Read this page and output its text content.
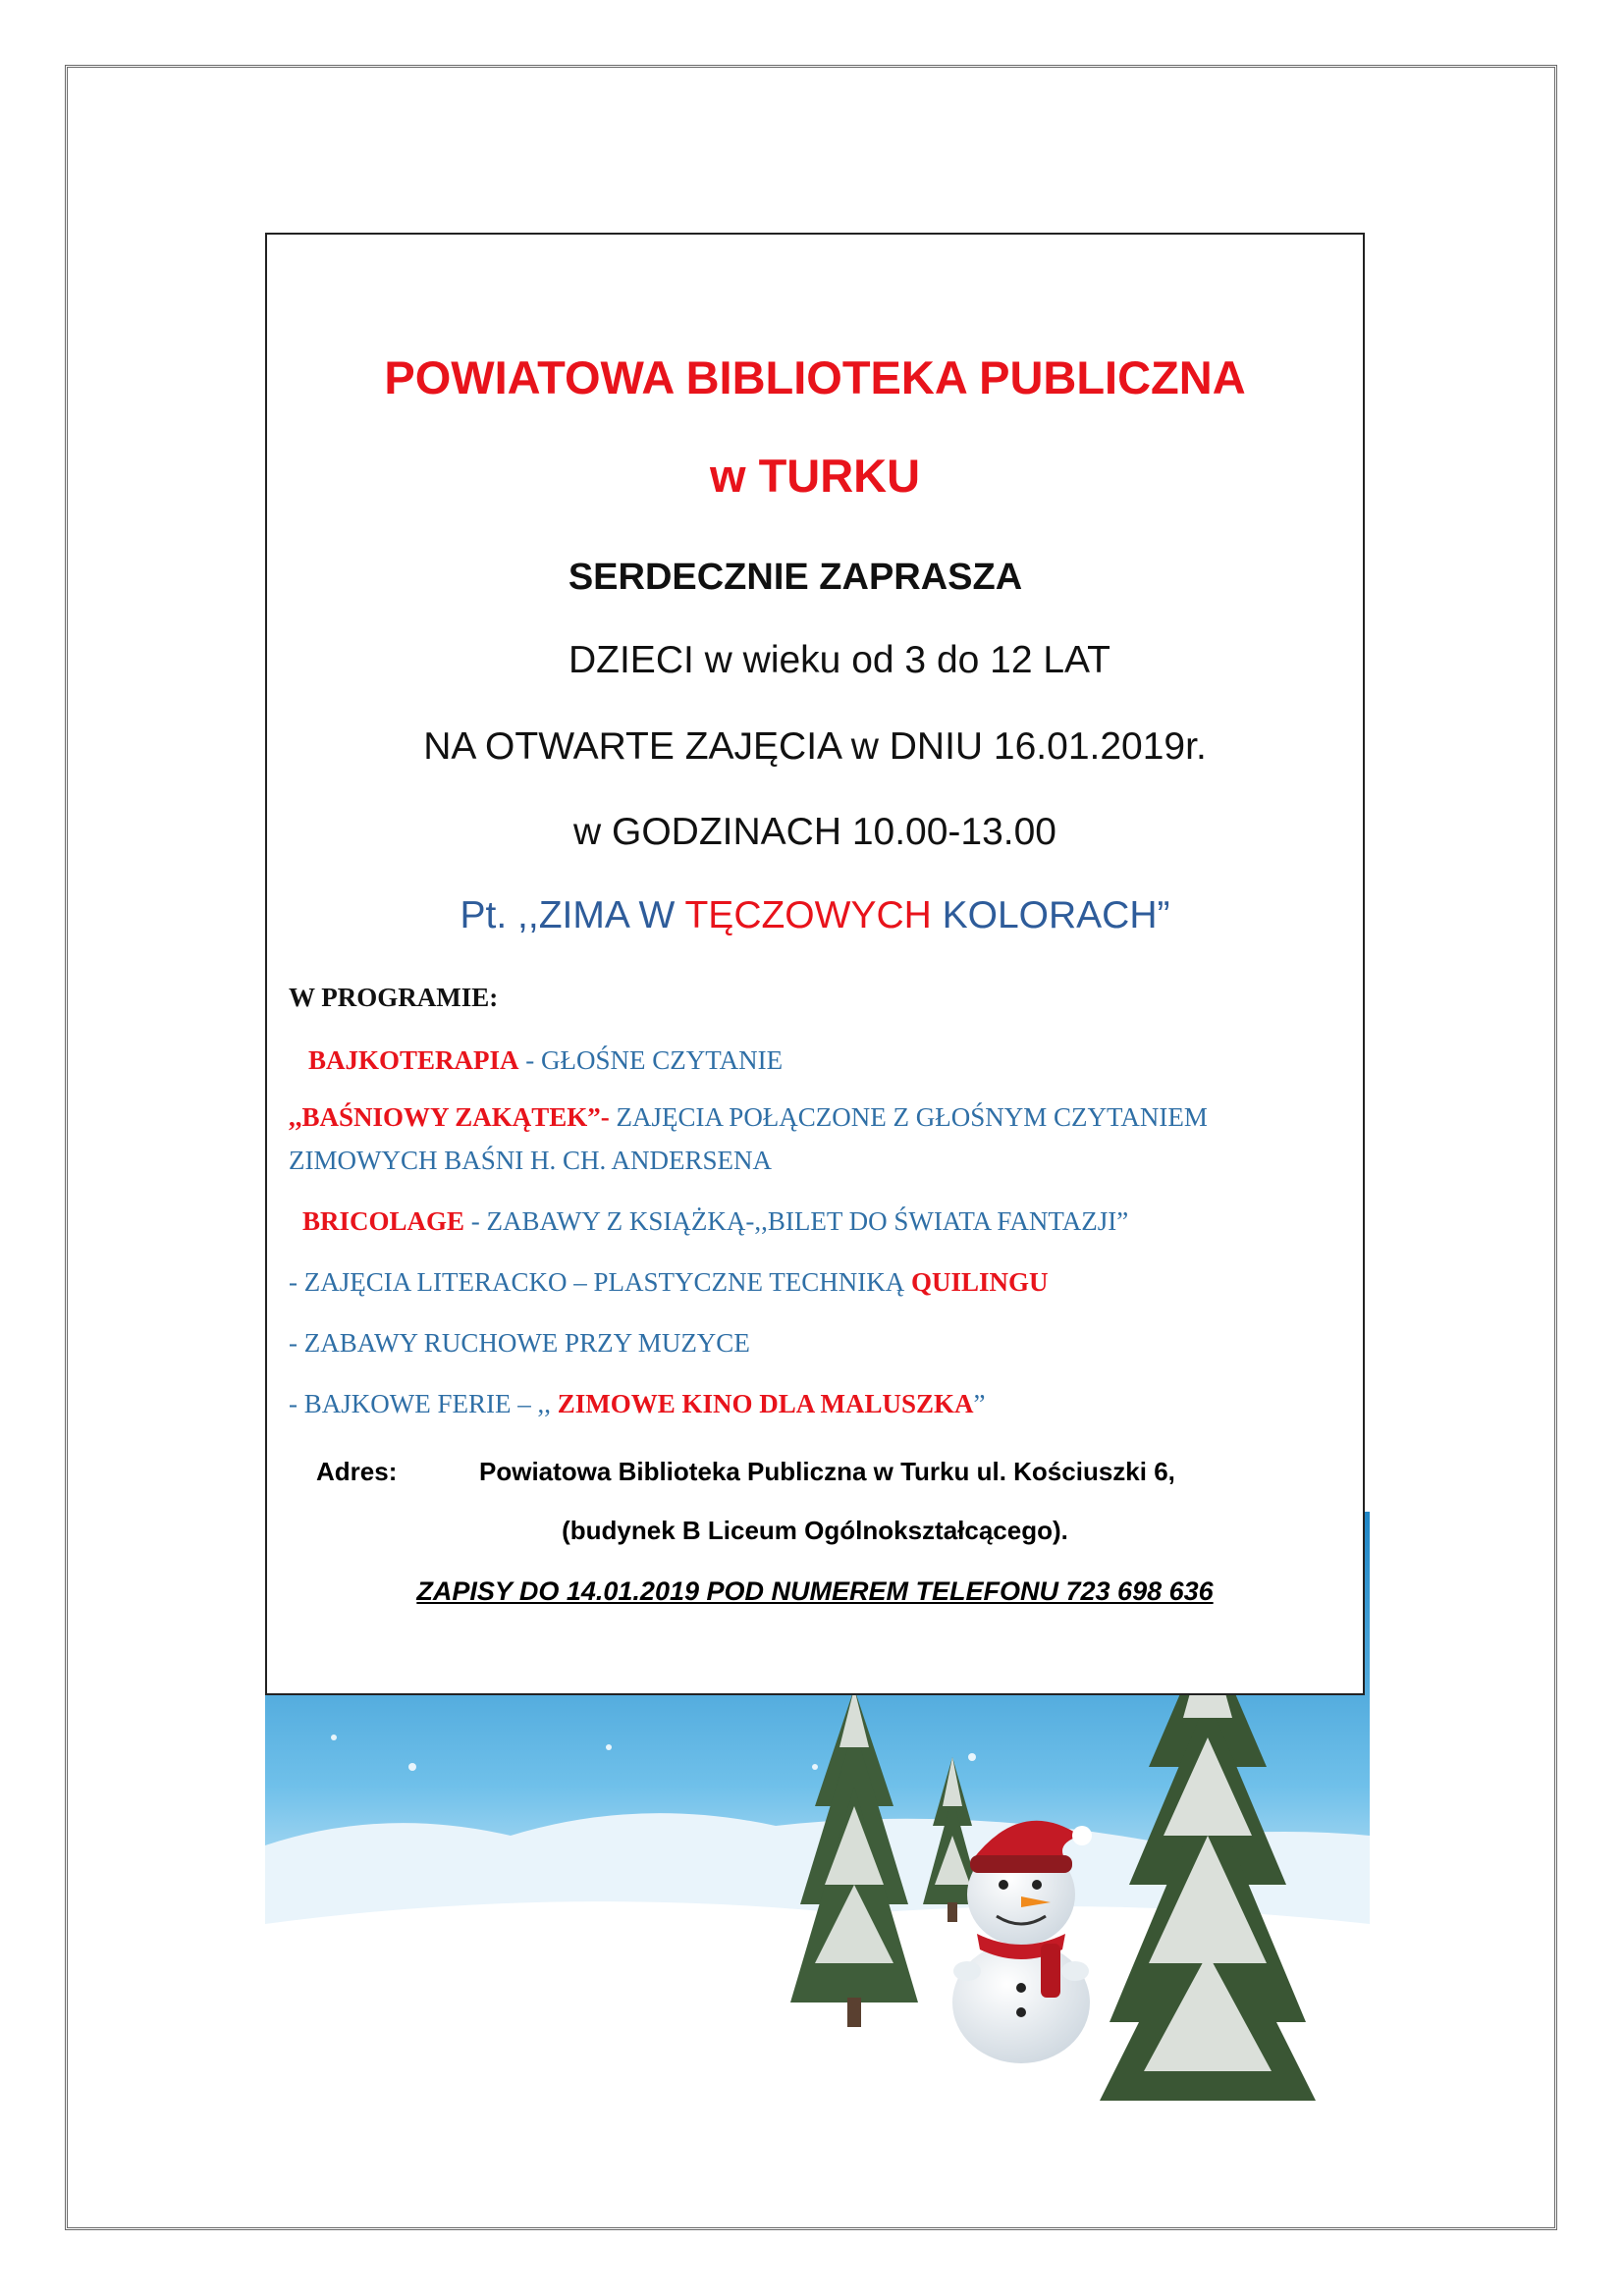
POWIATOWA BIBLIOTEKA PUBLICZNA
w TURKU
SERDECZNIE ZAPRASZA
DZIECI w wieku od 3 do 12 LAT
NA OTWARTE ZAJĘCIA w DNIU 16.01.2019r.
w GODZINACH 10.00-13.00
Pt. ,,ZIMA W TĘCZOWYCH KOLORACH”
W PROGRAMIE:
BAJKOTERAPIA - GŁOŚNE CZYTANIE
,,BAŚNIOWY ZAKĄTEK”- ZAJĘCIA POŁĄCZONE Z GŁOŚNYM CZYTANIEM
ZIMOWYCH BAŚNI H. CH. ANDERSENA
BRICOLAGE - ZABAWY Z KSIĄŻKĄ-,,BILET DO ŚWIATA FANTAZJI”
- ZAJĘCIA LITERACKO – PLASTYCZNE TECHNIKĄ QUILINGU
- ZABAWY RUCHOWE PRZY MUZYCE
- BAJKOWE FERIE – ,, ZIMOWE KINO DLA MALUSZKA”
Adres:	Powiatowa Biblioteka Publiczna w Turku ul. Kościuszki 6,
(budynek B Liceum Ogólnokształcącego).
ZAPISY DO 14.01.2019 POD NUMEREM TELEFONU 723 698 636
